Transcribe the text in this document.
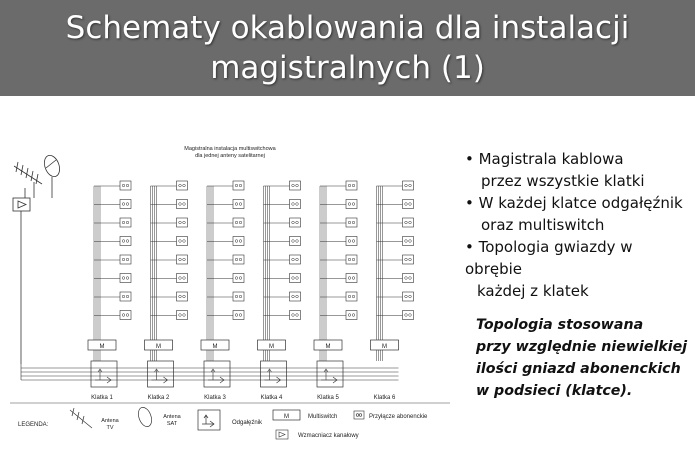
Schematy okablowania dla instalacji
magistralnych (1)
Magistralna instalacja multiswitchowa
dla jednej anteny satelitarnej
M
Klatka 1
M
Klatka 2
M
Klatka 3
M
Klatka 4
M
Klatka 5
M
Klatka 6
LEGENDA:
Antena
TV
Antena
SAT	Odgałęźnik
M	Multiswitch	Przyłącze abonenckie
Wzmacniacz kanałowy
• Magistrala kablowa
przez wszystkie klatki
• W każdej klatce odgałęźnik
oraz multiswitch
• Topologia gwiazdy w obrębie
każdej z klatek
Topologia stosowana
przy względnie niewielkiej
ilości gniazd abonenckich
w podsieci (klatce).
